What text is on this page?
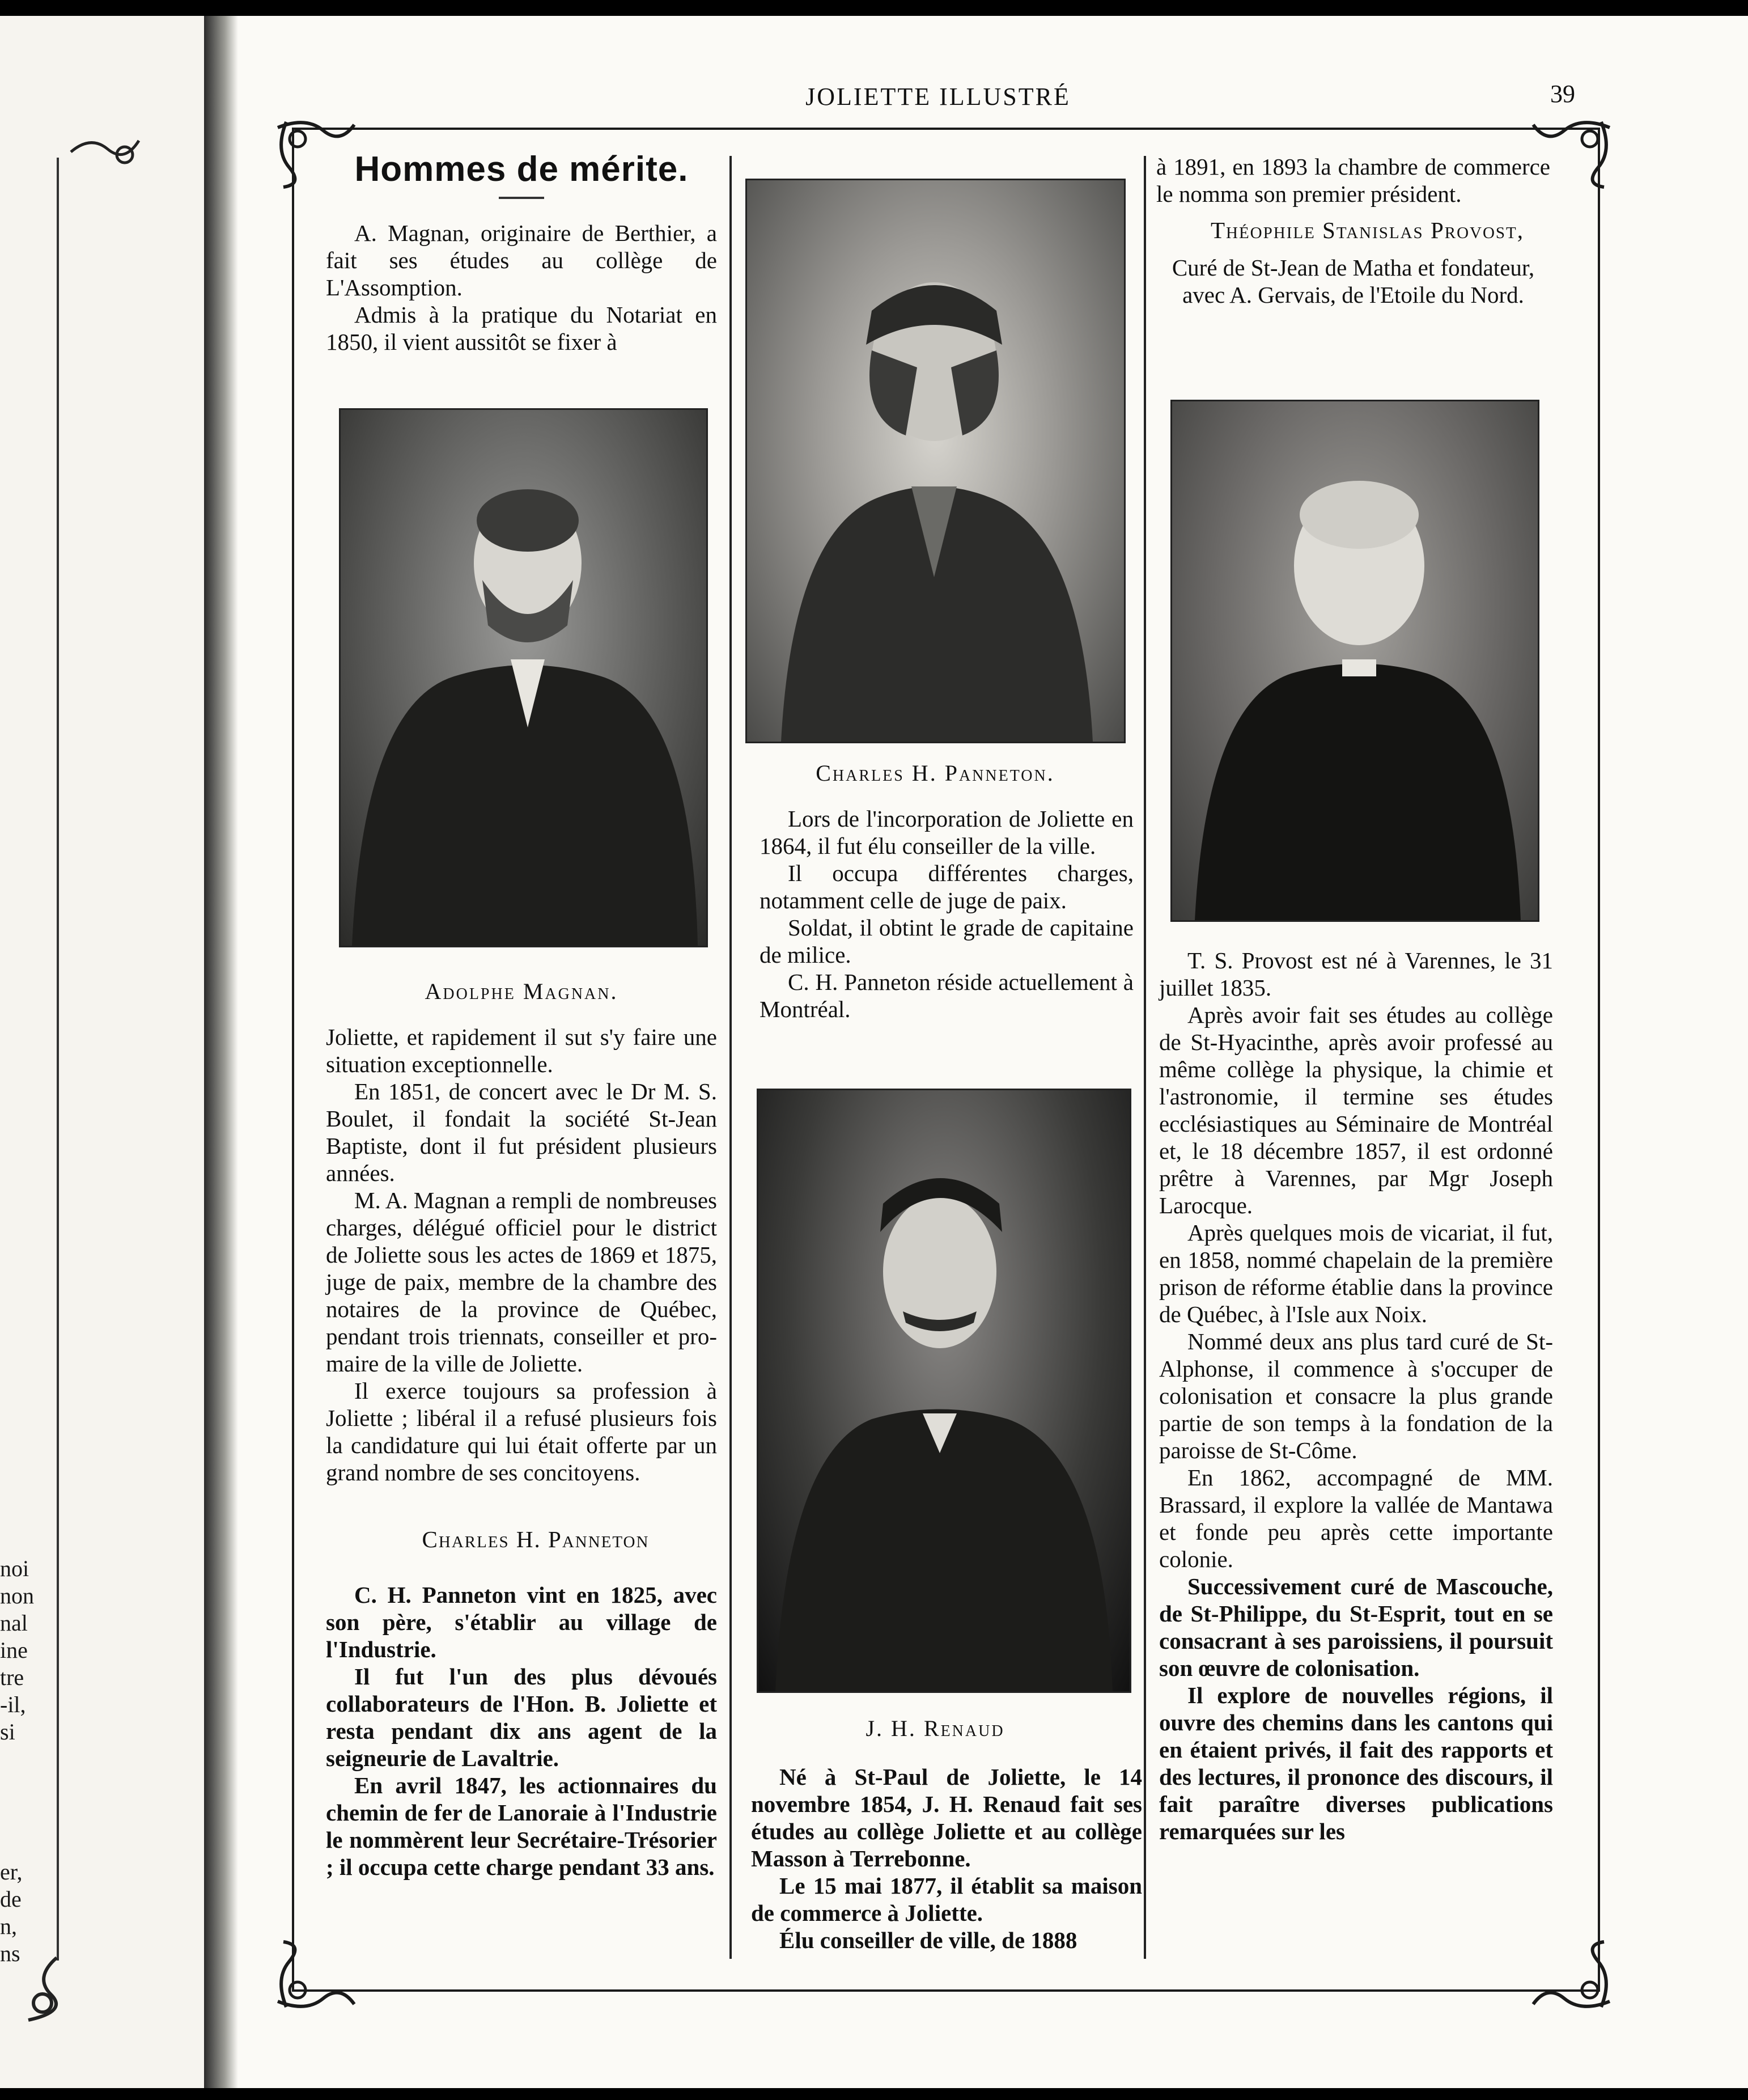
noi
non
nal
ine
tre
-il,
si
er,
de
n,
ns
JOLIETTE ILLUSTRÉ	39
Hommes de mérite.

A. Magnan, originaire de Berthier, a fait ses études au collège de L'Assomption.

Admis à la pratique du Notariat en 1850, il vient aussitôt se fixer à

Adolphe Magnan.

Joliette, et rapidement il sut s'y faire une situation exceptionnelle.

En 1851, de concert avec le Dr M. S. Boulet, il fondait la société St-Jean Baptiste, dont il fut président plusieurs années.

M. A. Magnan a rempli de nombreuses charges, délégué officiel pour le district de Joliette sous les actes de 1869 et 1875, juge de paix, membre de la chambre des notaires de la province de Québec, pendant trois triennats, conseiller et pro-maire de la ville de Joliette.

Il exerce toujours sa profession à Joliette ; libéral il a refusé plusieurs fois la candidature qui lui était offerte par un grand nombre de ses concitoyens.

Charles H. Panneton

C. H. Panneton vint en 1825, avec son père, s'établir au village de l'Industrie.

Il fut l'un des plus dévoués collaborateurs de l'Hon. B. Joliette et resta pendant dix ans agent de la seigneurie de Lavaltrie.

En avril 1847, les actionnaires du chemin de fer de Lanoraie à l'Industrie le nommèrent leur Secrétaire-Trésorier ; il occupa cette charge pendant 33 ans.

Charles H. Panneton.

Lors de l'incorporation de Joliette en 1864, il fut élu conseiller de la ville.

Il occupa différentes charges, notamment celle de juge de paix.

Soldat, il obtint le grade de capitaine de milice.

C. H. Panneton réside actuellement à Montréal.

J. H. Renaud

Né à St-Paul de Joliette, le 14 novembre 1854, J. H. Renaud fait ses études au collège Joliette et au collège Masson à Terrebonne.

Le 15 mai 1877, il établit sa maison de commerce à Joliette.

Élu conseiller de ville, de 1888

à 1891, en 1893 la chambre de commerce le nomma son premier président.

Théophile Stanislas Provost,

Curé de St-Jean de Matha et fondateur, avec A. Gervais, de l'Etoile du Nord.

T. S. Provost est né à Varennes, le 31 juillet 1835.

Après avoir fait ses études au collège de St-Hyacinthe, après avoir professé au même collège la physique, la chimie et l'astronomie, il termine ses études ecclésiastiques au Séminaire de Montréal et, le 18 décembre 1857, il est ordonné prêtre à Varennes, par Mgr Joseph Larocque.

Après quelques mois de vicariat, il fut, en 1858, nommé chapelain de la première prison de réforme établie dans la province de Québec, à l'Isle aux Noix.

Nommé deux ans plus tard curé de St-Alphonse, il commence à s'occuper de colonisation et consacre la plus grande partie de son temps à la fondation de la paroisse de St-Côme.

En 1862, accompagné de MM. Brassard, il explore la vallée de Mantawa et fonde peu après cette importante colonie.

Successivement curé de Mascouche, de St-Philippe, du St-Esprit, tout en se consacrant à ses paroissiens, il poursuit son œuvre de colonisation.

Il explore de nouvelles régions, il ouvre des chemins dans les cantons qui en étaient privés, il fait des rapports et des lectures, il prononce des discours, il fait paraître diverses publications remarquées sur les
